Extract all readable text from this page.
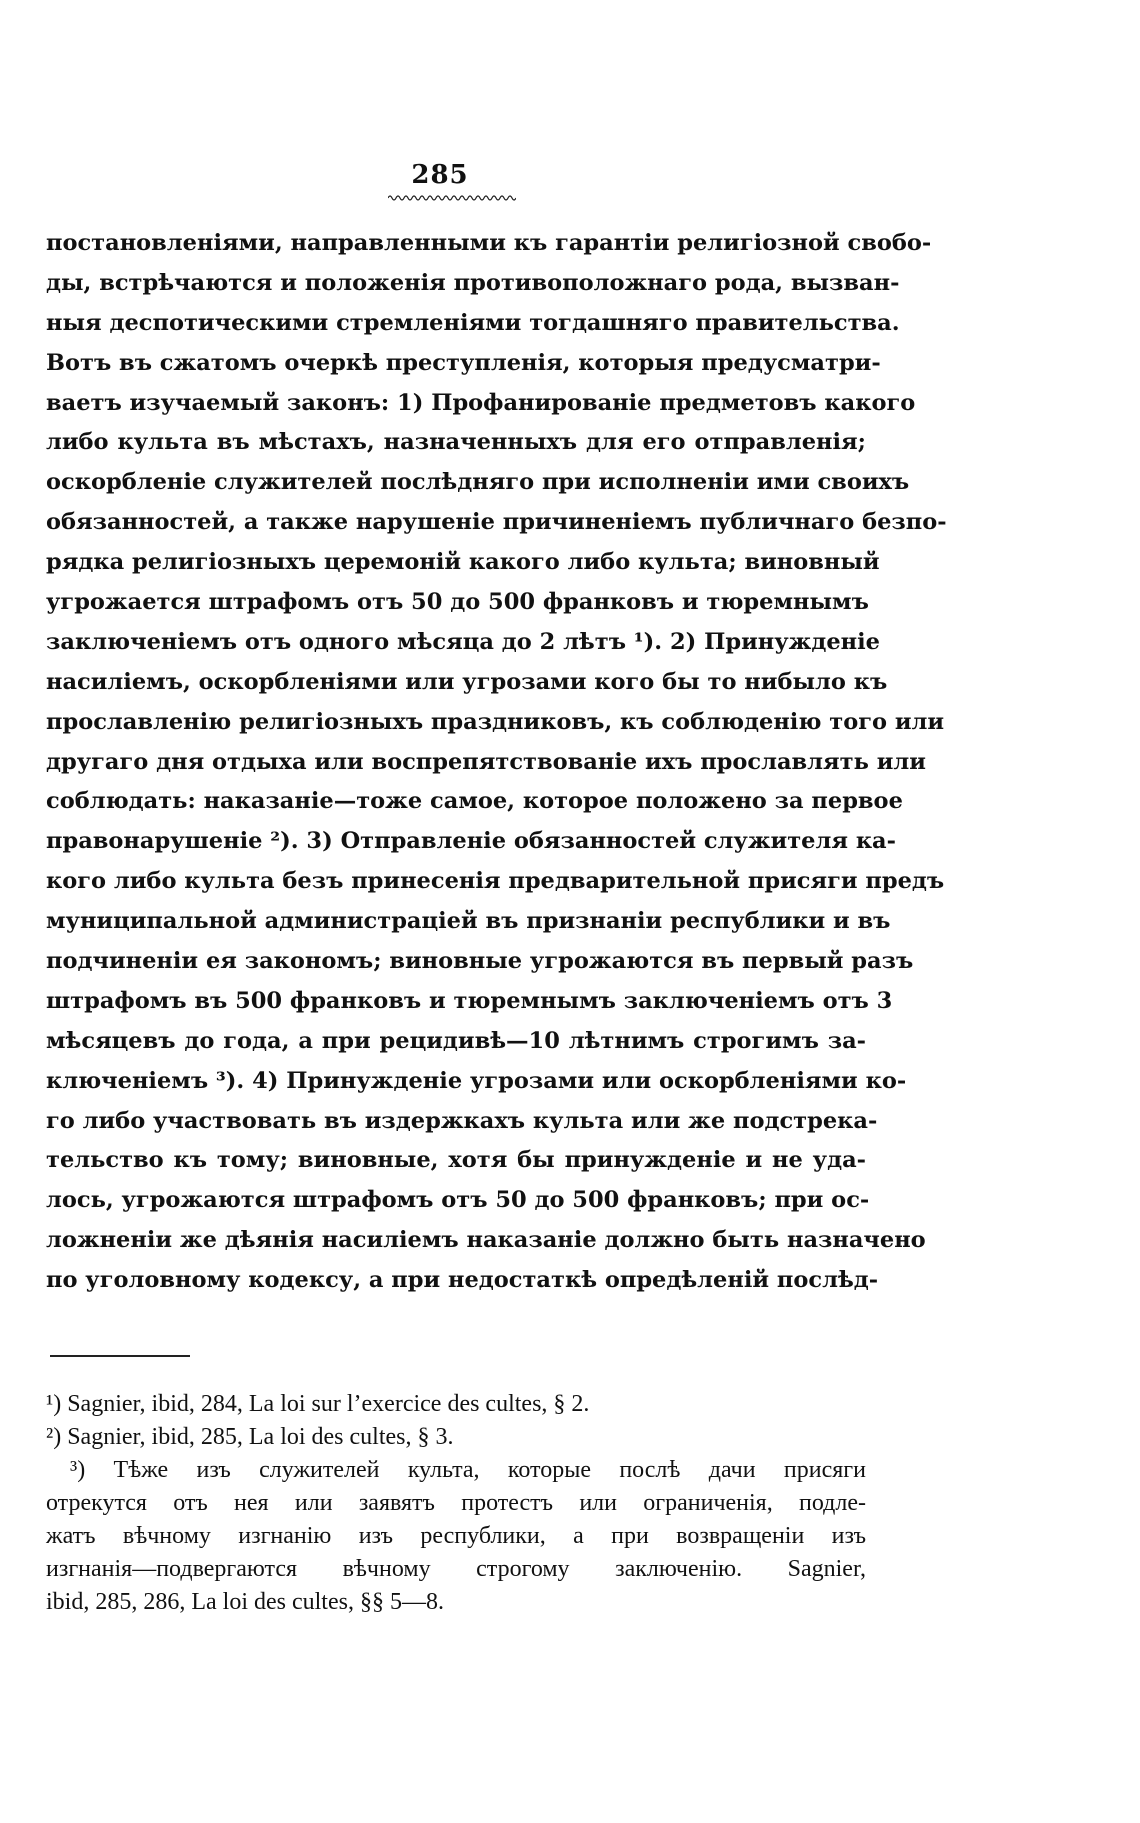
285
постановленіями, направленными къ гарантіи религіозной свобо-
ды, встрѣчаются и положенія противоположнаго рода, вызван-
ныя деспотическими стремленіями тогдашняго правительства.
Вотъ въ сжатомъ очеркѣ преступленія, которыя предусматри-
ваетъ изучаемый законъ: 1) Профанированіе предметовъ какого
либо культа въ мѣстахъ, назначенныхъ для его отправленія;
оскорбленіе служителей послѣдняго при исполненіи ими своихъ
обязанностей, а также нарушеніе причиненіемъ публичнаго безпо-
рядка религіозныхъ церемоній какого либо культа; виновный
угрожается штрафомъ отъ 50 до 500 франковъ и тюремнымъ
заключеніемъ отъ одного мѣсяца до 2 лѣтъ ¹). 2) Принужденіе
насиліемъ, оскорбленіями или угрозами кого бы то нибыло къ
прославленію религіозныхъ праздниковъ, къ соблюденію того или
другаго дня отдыха или воспрепятствованіе ихъ прославлять или
соблюдать: наказаніе—тоже самое, которое положено за первое
правонарушеніе ²). 3) Отправленіе обязанностей служителя ка-
кого либо культа безъ принесенія предварительной присяги предъ
муниципальной администраціей въ признаніи республики и въ
подчиненіи ея закономъ; виновные угрожаются въ первый разъ
штрафомъ въ 500 франковъ и тюремнымъ заключеніемъ отъ 3
мѣсяцевъ до года, а при рецидивѣ—10 лѣтнимъ строгимъ за-
ключеніемъ ³). 4) Принужденіе угрозами или оскорбленіями ко-
го либо участвовать въ издержкахъ культа или же подстрека-
тельство къ тому; виновные, хотя бы принужденіе и не уда-
лось, угрожаются штрафомъ отъ 50 до 500 франковъ; при ос-
ложненіи же дѣянія насиліемъ наказаніе должно быть назначено
по уголовному кодексу, а при недостаткѣ опредѣленій послѣд-
¹) Sagnier, ibid, 284, La loi sur l’exercice des cultes, § 2.
²) Sagnier, ibid, 285, La loi des cultes, § 3.
³) Тѣже изъ служителей культа, которые послѣ дачи присяги
отрекутся отъ нея или заявятъ протестъ или ограниченія, подле-
жатъ вѣчному изгнанію изъ республики, а при возвращеніи изъ
изгнанія—подвергаются вѣчному строгому заключенію. Sagnier,
ibid, 285, 286, La loi des cultes, §§ 5—8.
